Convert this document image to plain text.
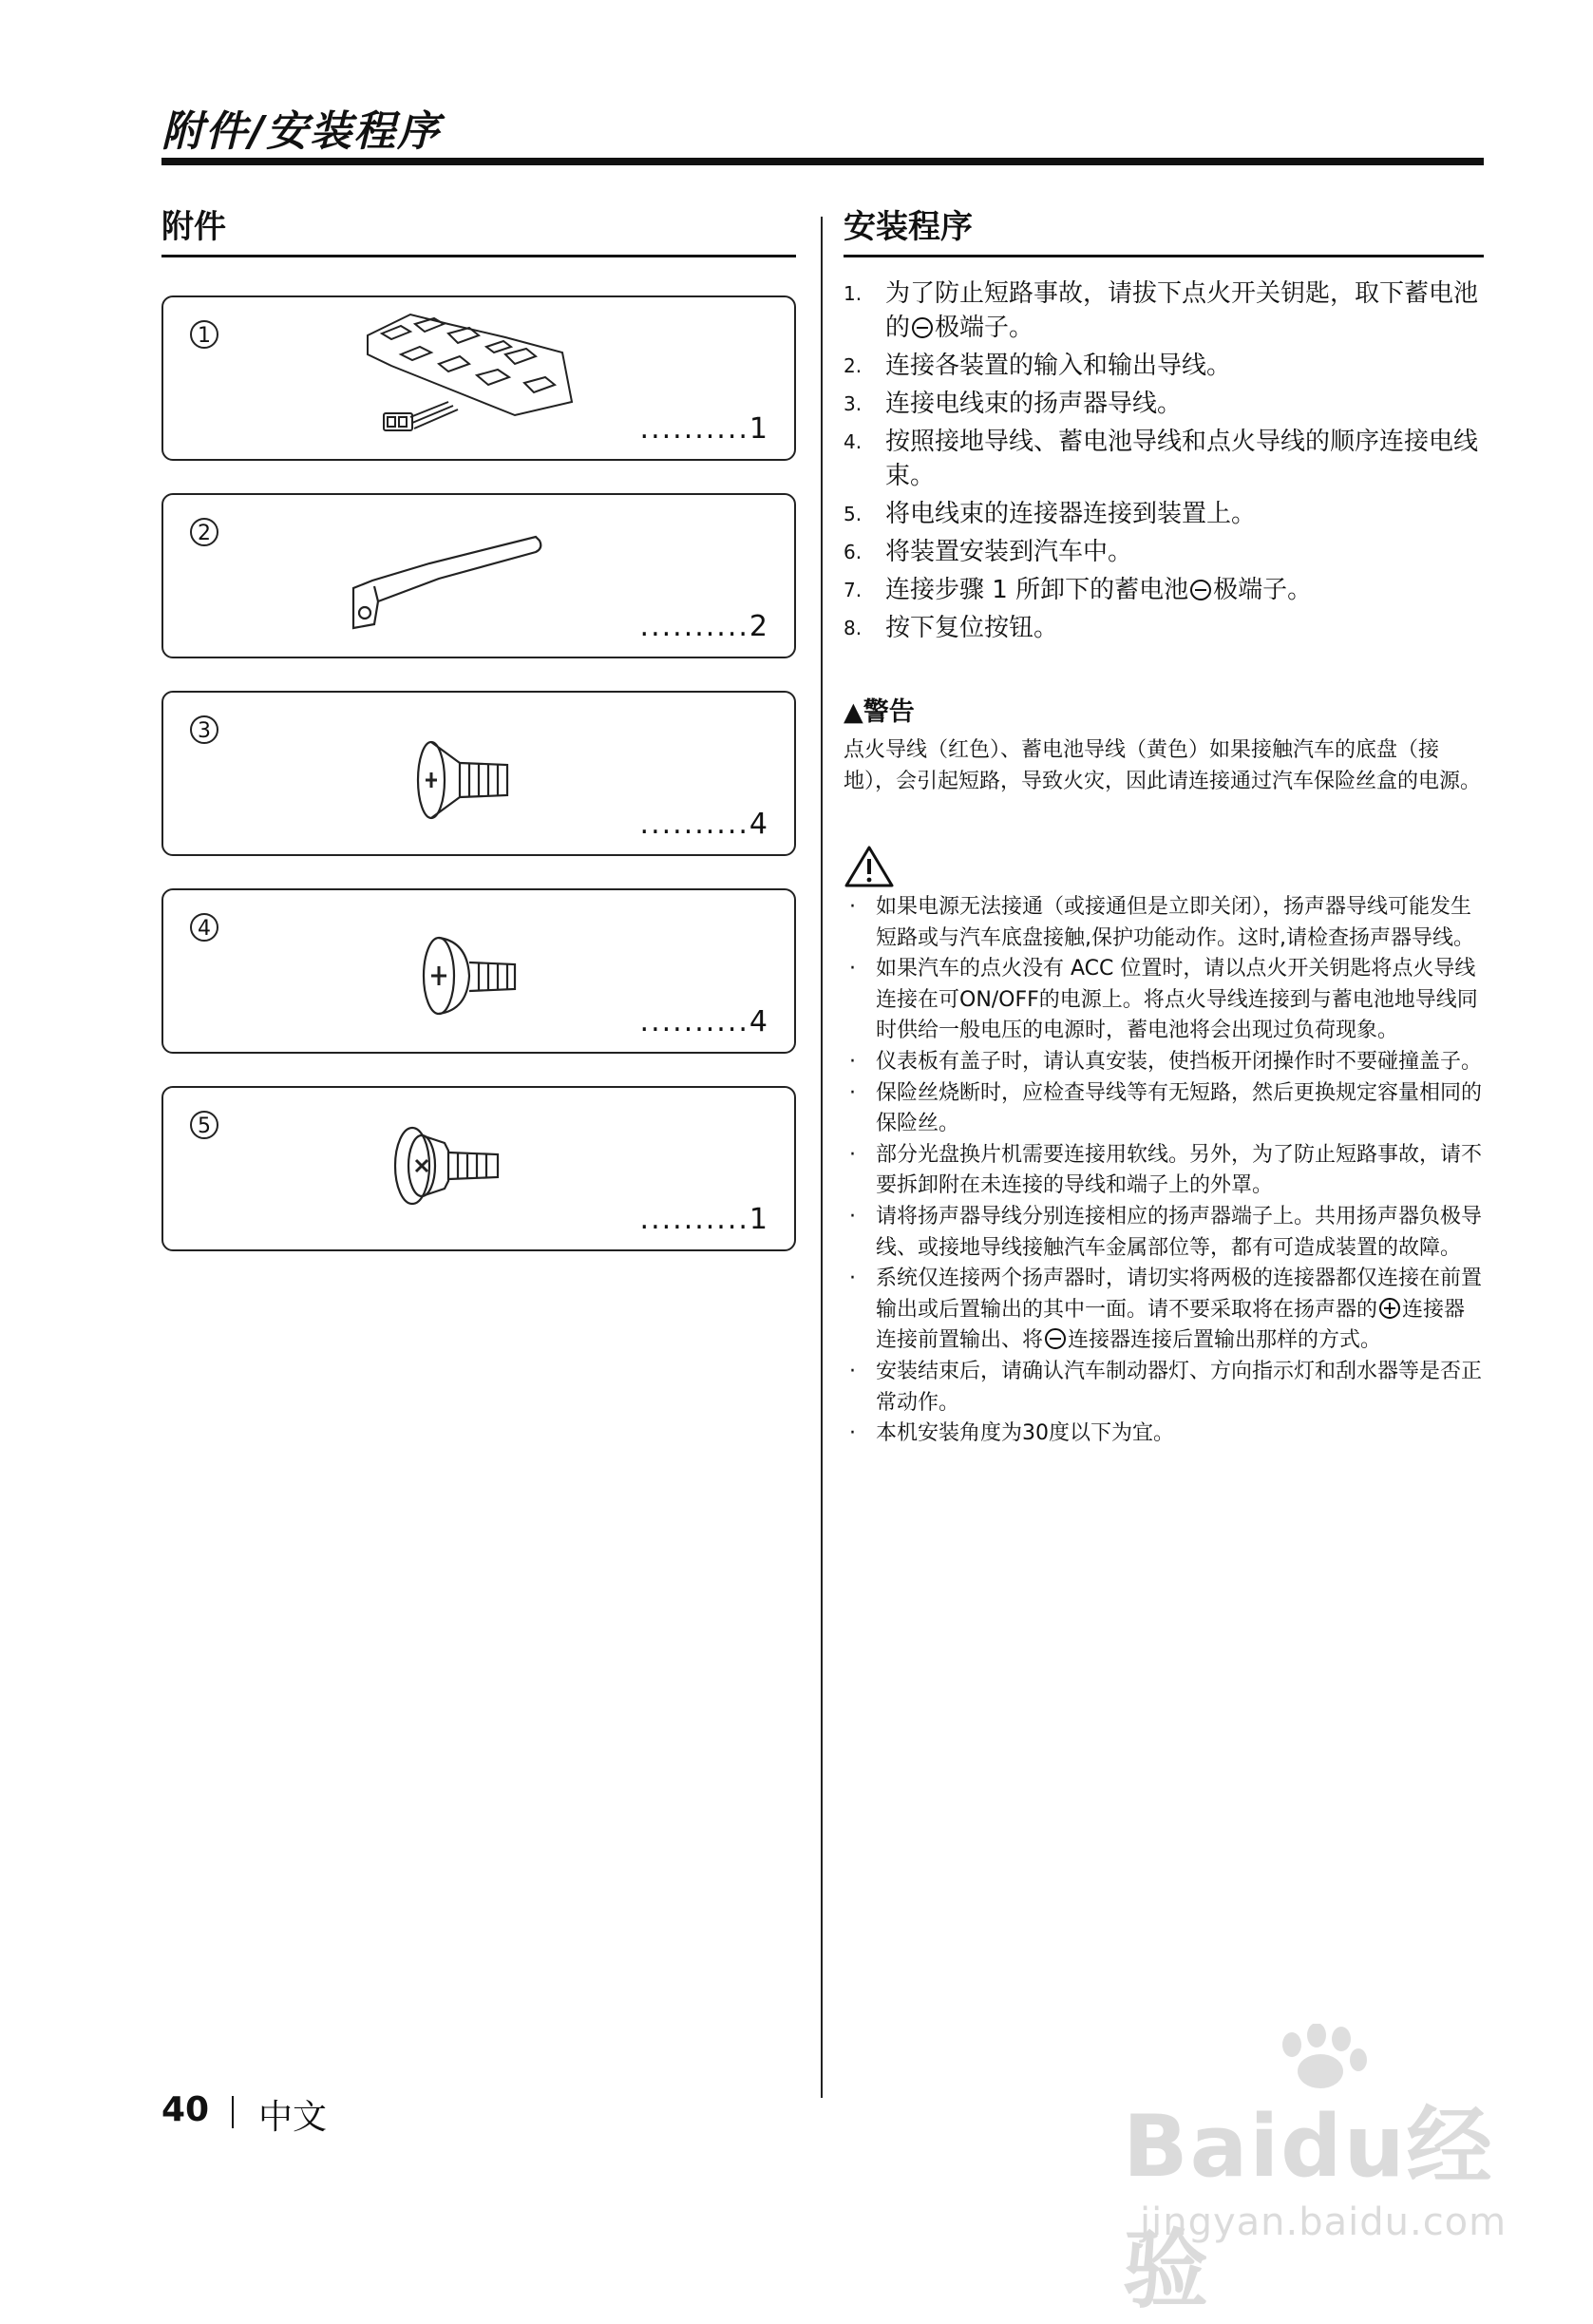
附件/安装程序
附件
1
..........1
2
..........2
3
..........4
4
..........4
5
..........1
安装程序
1. 为了防止短路事故，请拔下点火开关钥匙，取下蓄电池的 极端子。
2. 连接各装置的输入和输出导线。
3. 连接电线束的扬声器导线。
4. 按照接地导线、蓄电池导线和点火导线的顺序连接电线束。
5. 将电线束的连接器连接到装置上。
6. 将装置安装到汽车中。
7. 连接步骤 1 所卸下的蓄电池 极端子。
8. 按下复位按钮。
▲警告
点火导线（红色）、蓄电池导线（黄色）如果接触汽车的底盘（接地），会引起短路，导致火灾，因此请连接通过汽车保险丝盒的电源。
· 如果电源无法接通（或接通但是立即关闭），扬声器导线可能发生短路或与汽车底盘接触,保护功能动作。这时,请检查扬声器导线。
· 如果汽车的点火没有 ACC 位置时，请以点火开关钥匙将点火导线连接在可ON/OFF的电源上。将点火导线连接到与蓄电池地导线同时供给一般电压的电源时，蓄电池将会出现过负荷现象。
· 仪表板有盖子时，请认真安装，使挡板开闭操作时不要碰撞盖子。
· 保险丝烧断时，应检查导线等有无短路，然后更换规定容量相同的保险丝。
· 部分光盘换片机需要连接用软线。另外，为了防止短路事故，请不要拆卸附在未连接的导线和端子上的外罩。
· 请将扬声器导线分别连接相应的扬声器端子上。共用扬声器负极导线、或接地导线接触汽车金属部位等，都有可造成装置的故障。
· 系统仅连接两个扬声器时，请切实将两极的连接器都仅连接在前置输出或后置输出的其中一面。请不要采取将在扬声器的 连接器连接前置输出、将 连接器连接后置输出那样的方式。
· 安装结束后，请确认汽车制动器灯、方向指示灯和刮水器等是否正常动作。
· 本机安装角度为30度以下为宜。
40 中文	Baidu经验
jingyan.baidu.com
